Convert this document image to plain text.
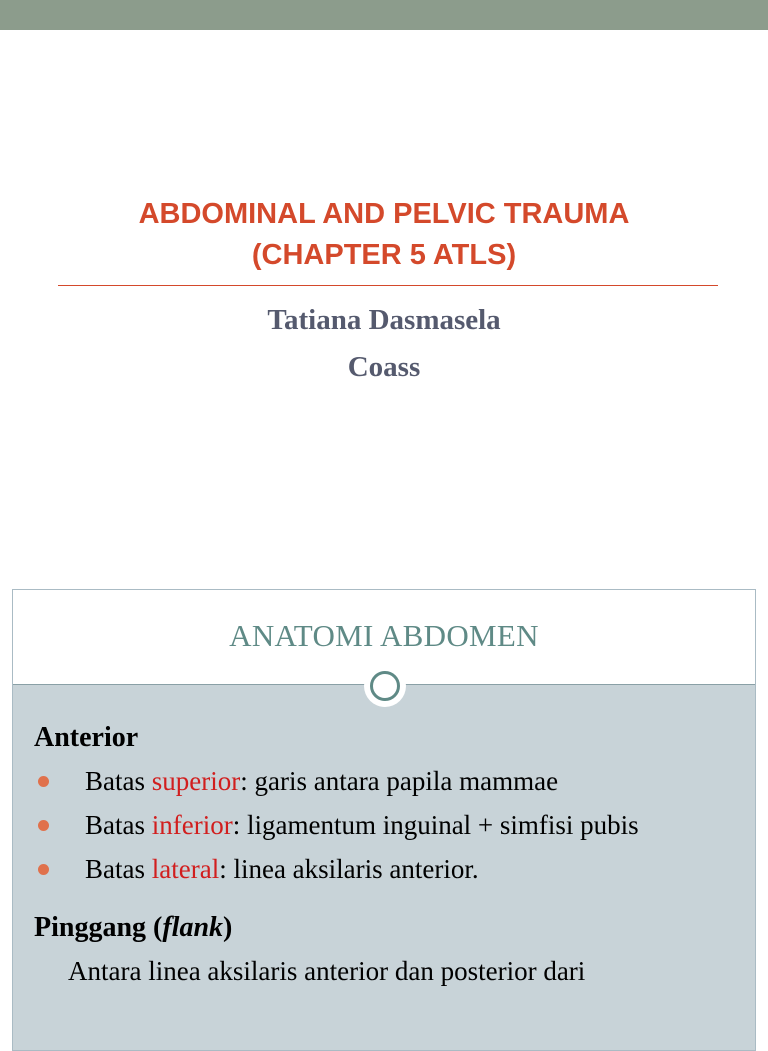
ABDOMINAL AND PELVIC TRAUMA
(CHAPTER 5 ATLS)
Tatiana Dasmasela
Coass
ANATOMI ABDOMEN
Anterior
Batas superior: garis antara papila mammae
Batas inferior: ligamentum inguinal + simfisi pubis
Batas lateral: linea aksilaris anterior.
Pinggang (flank)
Antara linea aksilaris anterior dan posterior dari
